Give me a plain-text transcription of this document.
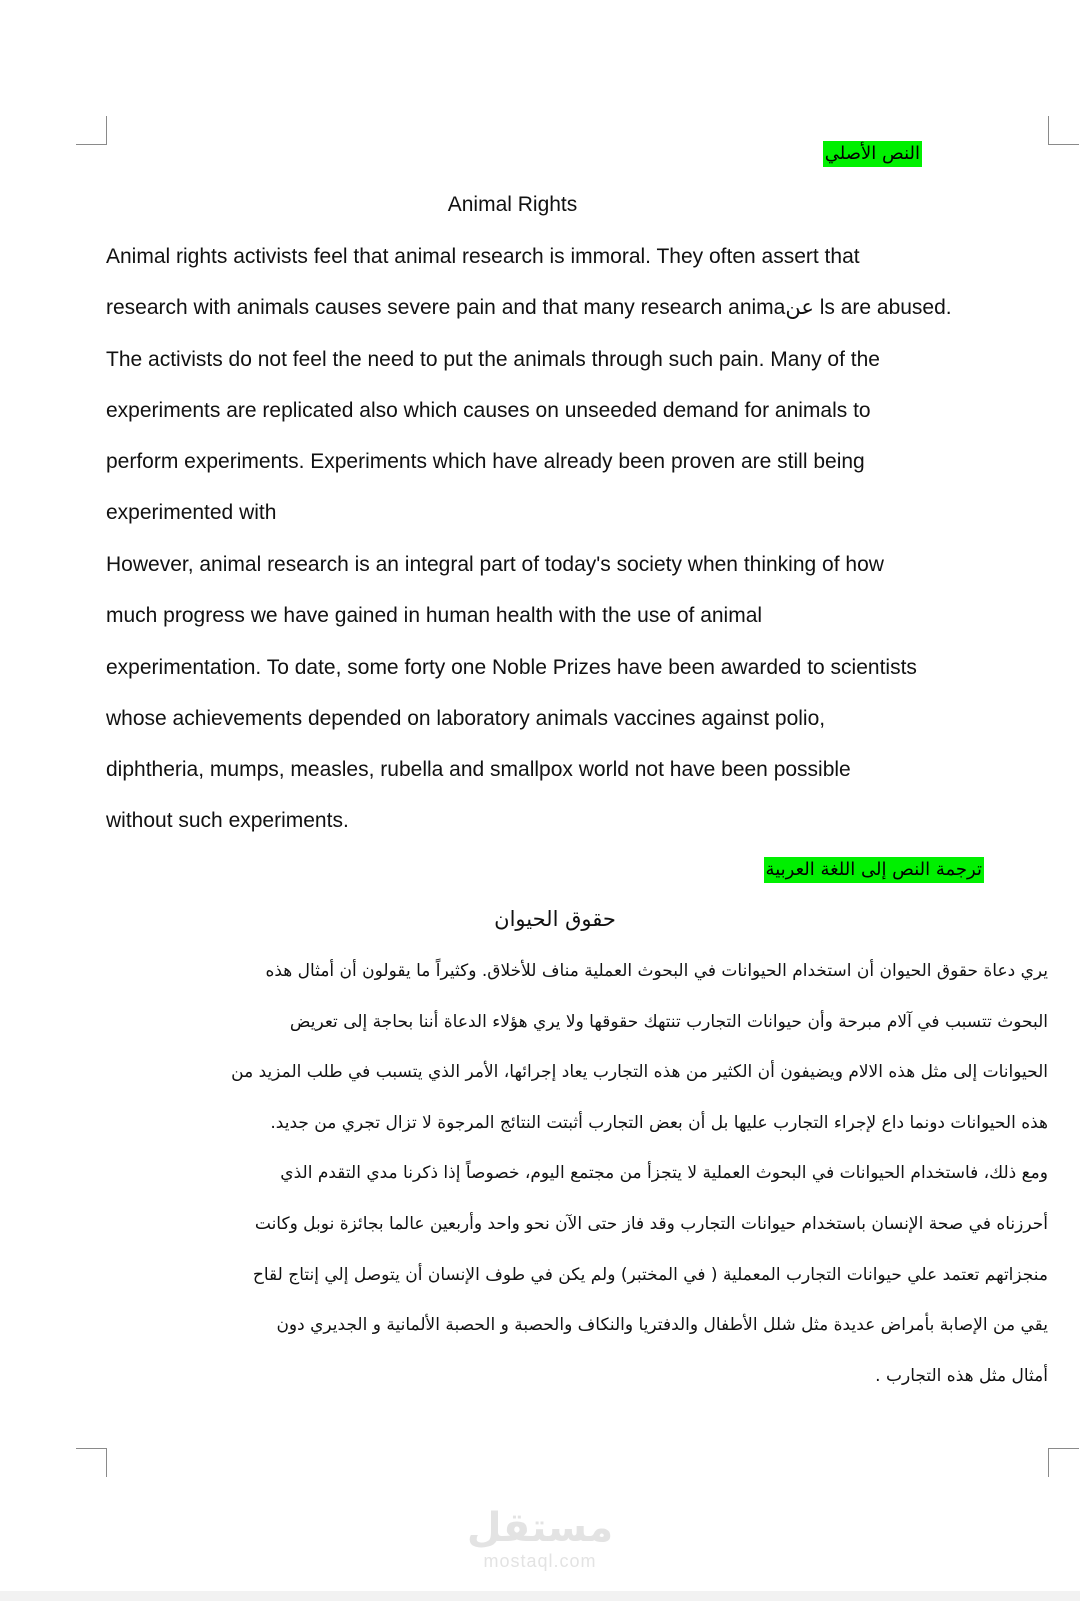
النص الأصلي
Animal Rights

Animal rights activists feel that animal research is immoral. They often assert that

research with animals causes severe pain and that many research animaعن ls are abused.

The activists do not feel the need to put the animals through such pain. Many of the

experiments are replicated also which causes on unseeded demand for animals to

perform experiments. Experiments which have already been proven are still being

experimented with

However, animal research is an integral part of today's society when thinking of how

much progress we have gained in human health with the use of animal

experimentation. To date, some forty one Noble Prizes have been awarded to scientists

whose achievements depended on laboratory animals vaccines against polio,

diphtheria, mumps, measles, rubella and smallpox world not have been possible

without such experiments.

ترجمة النص إلى اللغة العربية
حقوق الحيوان

يري دعاة حقوق الحيوان أن استخدام الحيوانات في البحوث العملية مناف للأخلاق. وكثيراً ما يقولون أن أمثال هذه

البحوث تتسبب في آلام مبرحة وأن حيوانات التجارب تنتهك حقوقها ولا يري هؤلاء الدعاة أننا بحاجة إلى تعريض

الحيوانات إلى مثل هذه الالام ويضيفون أن الكثير من هذه التجارب يعاد إجرائها، الأمر الذي يتسبب في طلب المزيد من

هذه الحيوانات دونما داع لإجراء التجارب عليها بل أن بعض التجارب أثبتت النتائج المرجوة لا تزال تجري من جديد.

ومع ذلك، فاستخدام الحيوانات في البحوث العملية لا يتجزأ من مجتمع اليوم، خصوصاً إذا ذكرنا مدي التقدم الذي

أحرزناه في صحة الإنسان باستخدام حيوانات التجارب وقد فاز حتى الآن نحو واحد وأربعين عالما بجائزة نوبل وكانت

منجزاتهم تعتمد علي حيوانات التجارب المعملية ( في المختبر) ولم يكن في طوف الإنسان أن يتوصل إلي إنتاج لقاح

يقي من الإصابة بأمراض عديدة مثل شلل الأطفال والدفتريا والنكاف والحصبة و الحصبة الألمانية و الجديري دون

أمثال مثل هذه التجارب .

مستقل
mostaql.com
